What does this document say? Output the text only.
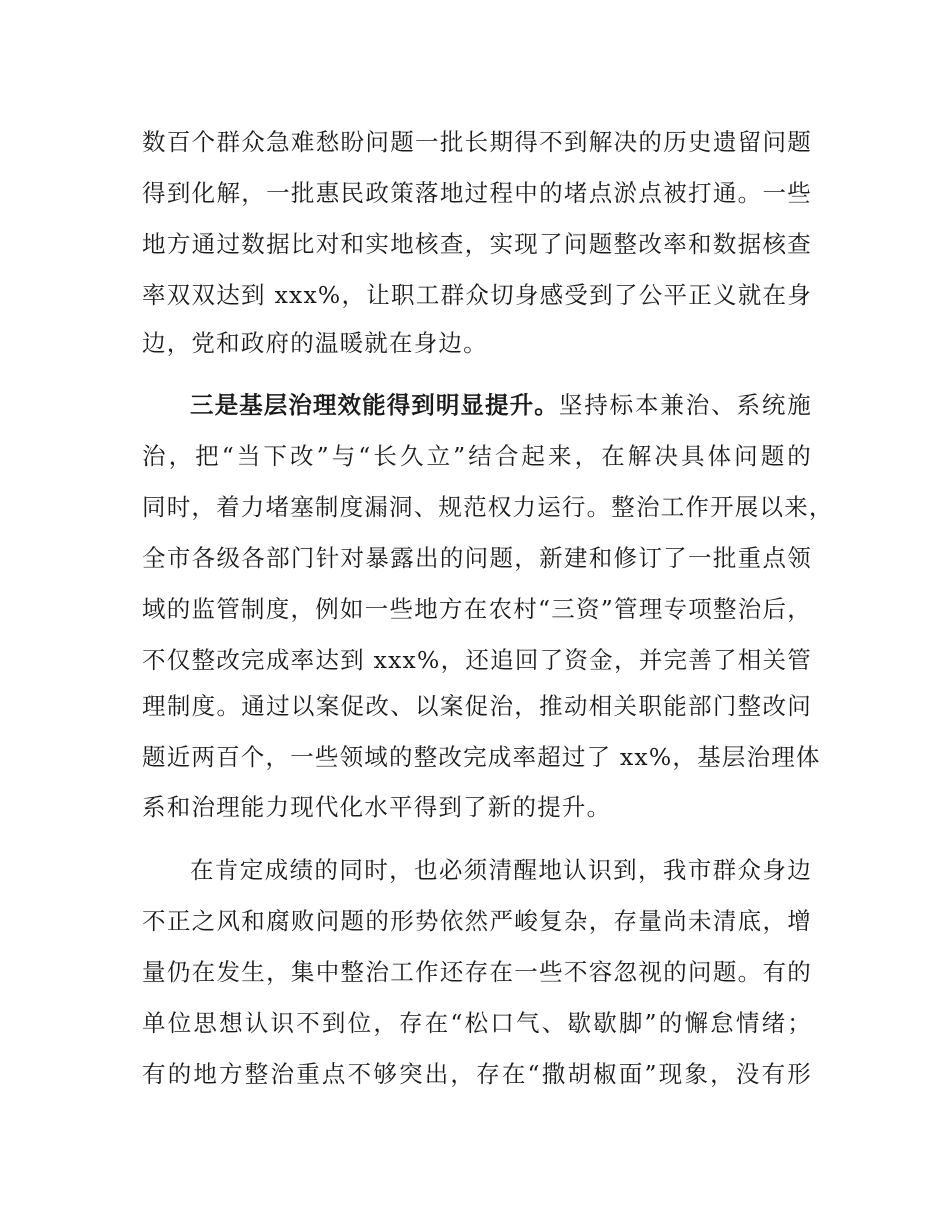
数百个群众急难愁盼问题一批长期得不到解决的历史遗留问题
得到化解，一批惠民政策落地过程中的堵点淤点被打通。一些
地方通过数据比对和实地核查，实现了问题整改率和数据核查
率双双达到 xxx%，让职工群众切身感受到了公平正义就在身
边，党和政府的温暖就在身边。
三是基层治理效能得到明显提升。坚持标本兼治、系统施
治，把“当下改”与“长久立”结合起来，在解决具体问题的
同时，着力堵塞制度漏洞、规范权力运行。整治工作开展以来，
全市各级各部门针对暴露出的问题，新建和修订了一批重点领
域的监管制度，例如一些地方在农村“三资”管理专项整治后，
不仅整改完成率达到 xxx%，还追回了资金，并完善了相关管
理制度。通过以案促改、以案促治，推动相关职能部门整改问
题近两百个，一些领域的整改完成率超过了 xx%，基层治理体
系和治理能力现代化水平得到了新的提升。
在肯定成绩的同时，也必须清醒地认识到，我市群众身边
不正之风和腐败问题的形势依然严峻复杂，存量尚未清底，增
量仍在发生，集中整治工作还存在一些不容忽视的问题。有的
单位思想认识不到位，存在“松口气、歇歇脚”的懈怠情绪；
有的地方整治重点不够突出，存在“撒胡椒面”现象，没有形
